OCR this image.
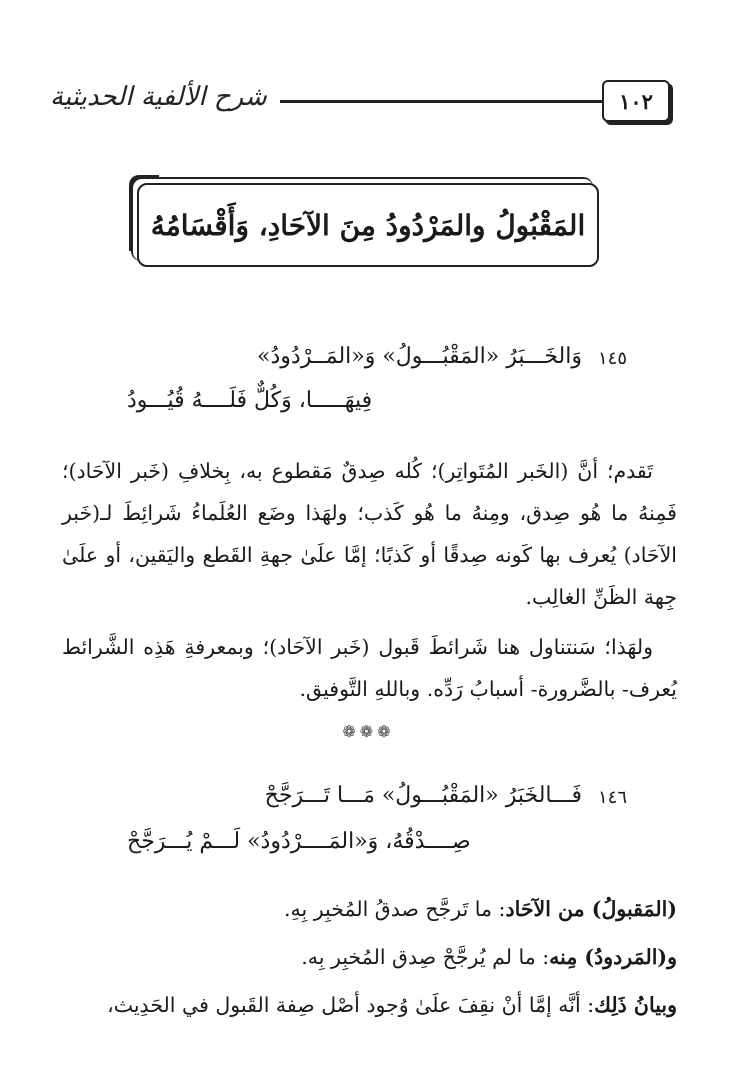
شرح الألفية الحديثية	١٠٢
المَقْبُولُ والمَرْدُودُ مِنَ الآحَادِ، وَأَقْسَامُهُ
١٤٥
وَالخَـــبَرُ «المَقْبُـــولُ» وَ«المَــرْدُودُ»
فِيهَـــــا، وَكُلٌّ فَلَــــهُ قُيُـــودُ

تَقدم؛ أنَّ (الخَبر المُتَواتِر)؛ كُله صِدقٌ مَقطوع به، بِخلافِ (خَبر الآحَاد)؛ فَمِنهُ ما هُو صِدق، ومِنهُ ما هُو كَذب؛ ولهَذا وضَع العُلَماءُ شَرائِطَ لـ(خَبر الآحَاد) يُعرف بها كَونه صِدقًا أو كَذبًا؛ إمَّا علَىٰ جهةِ القَطع واليَقين، أو علَىٰ جِهة الظَنِّ الغالِب.

ولهَذا؛ سَنتناول هنا شَرائطَ قَبول (خَبر الآحَاد)؛ وبمعرفةِ هَذِه الشَّرائط يُعرف- بالضَّرورة- أسبابُ رَدِّه. وباللهِ التَّوفيق.

❁❁❁
١٤٦
فَـــالخَبَرُ «المَقْبُـــولُ» مَـــا تَـــرَجَّحْ
صِــــدْقُهُ، وَ«المَــــرْدُودُ» لَـــمْ يُـــرَجَّحْ
(المَقبولُ) من الآحَاد: ما تَرجَّح صدقُ المُخبِر بِهِ.
و(المَردودُ) مِنه: ما لم يُرجَّحْ صِدق المُخبِر بِه.
وبيانُ ذَلِك: أنَّه إمَّا أنْ نقِفَ علَىٰ وُجود أصْل صِفة القَبول في الحَدِيث،
